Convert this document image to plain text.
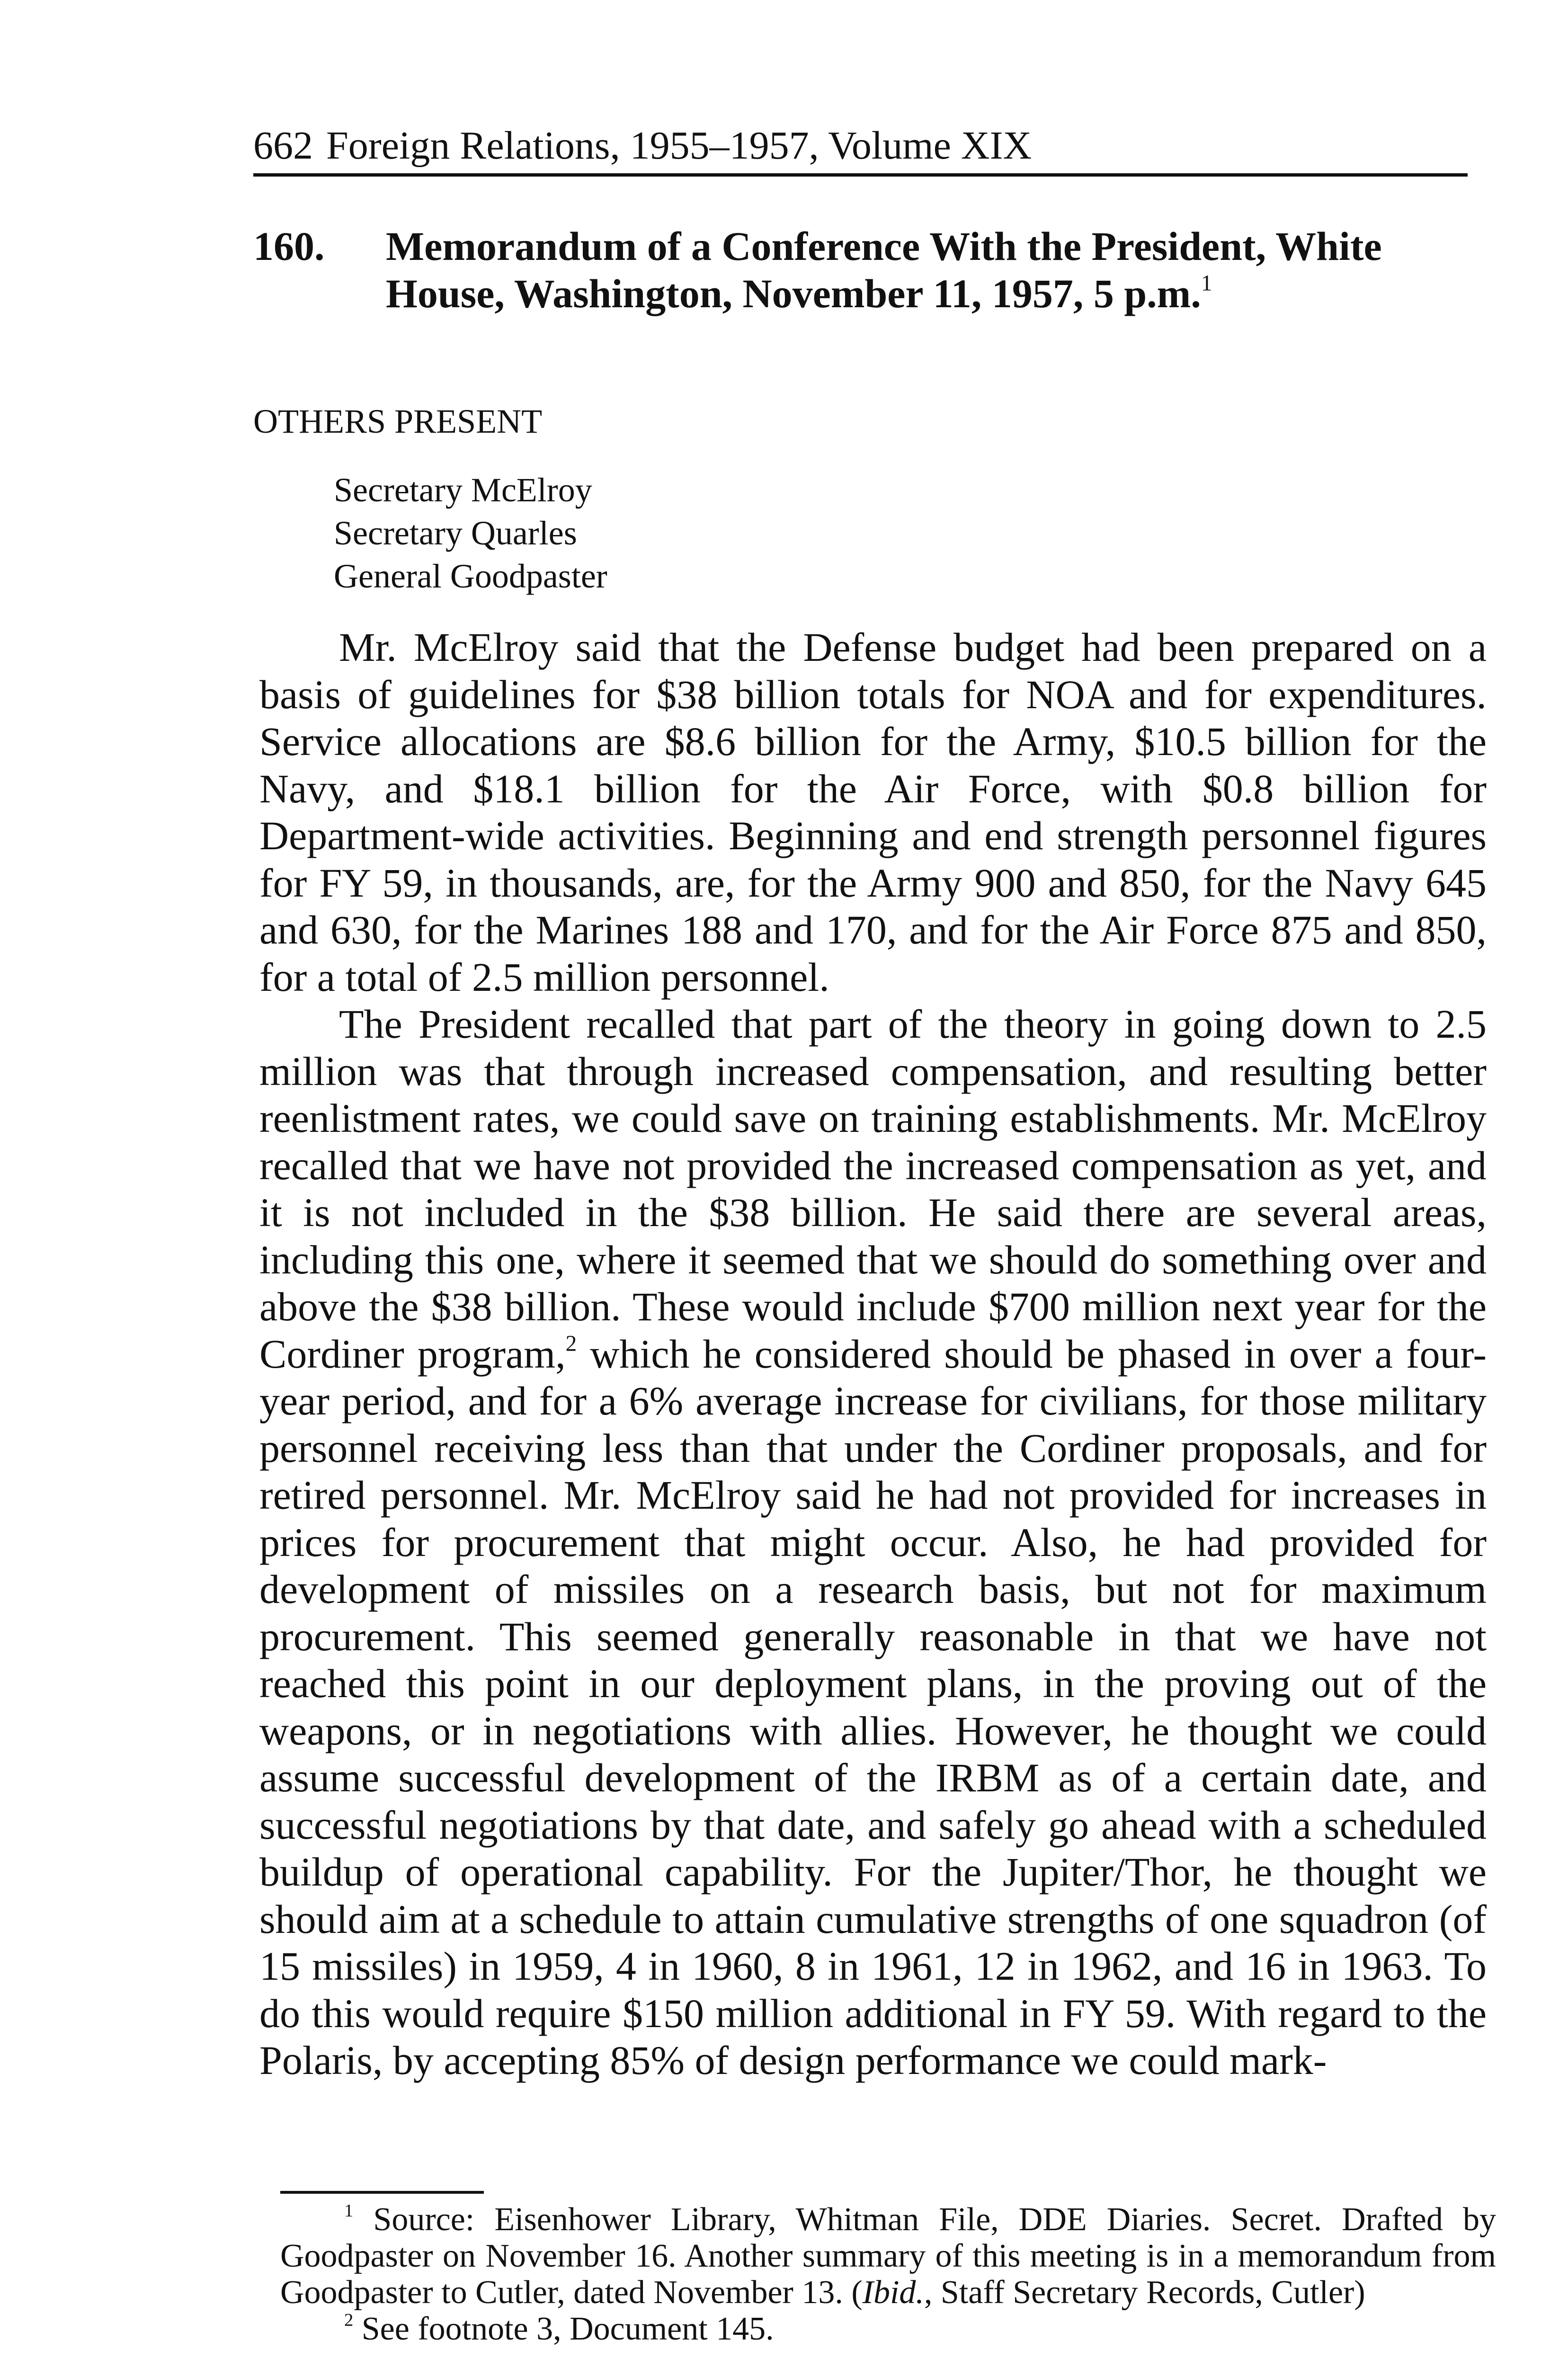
662 Foreign Relations, 1955–1957, Volume XIX
160. Memorandum of a Conference With the President, White House, Washington, November 11, 1957, 5 p.m.$^1$
OTHERS PRESENT
Secretary McElroy
Secretary Quarles
General Goodpaster

Mr. McElroy said that the Defense budget had been prepared on a basis of guidelines for $38 billion totals for NOA and for expenditures. Service allocations are $8.6 billion for the Army, $10.5 billion for the Navy, and $18.1 billion for the Air Force, with $0.8 billion for Department-wide activities. Beginning and end strength personnel figures for FY 59, in thousands, are, for the Army 900 and 850, for the Navy 645 and 630, for the Marines 188 and 170, and for the Air Force 875 and 850, for a total of 2.5 million personnel.

The President recalled that part of the theory in going down to 2.5 million was that through increased compensation, and resulting better reenlistment rates, we could save on training establishments. Mr. McElroy recalled that we have not provided the increased compensation as yet, and it is not included in the $38 billion. He said there are several areas, including this one, where it seemed that we should do something over and above the $38 billion. These would include $700 million next year for the Cordiner program,$^2$ which he considered should be phased in over a four-year period, and for a 6% average increase for civilians, for those military personnel receiving less than that under the Cordiner proposals, and for retired personnel. Mr. McElroy said he had not provided for increases in prices for procurement that might occur. Also, he had provided for development of missiles on a research basis, but not for maximum procurement. This seemed generally reasonable in that we have not reached this point in our deployment plans, in the proving out of the weapons, or in negotiations with allies. However, he thought we could assume successful development of the IRBM as of a certain date, and successful negotiations by that date, and safely go ahead with a scheduled buildup of operational capability. For the Jupiter/Thor, he thought we should aim at a schedule to attain cumulative strengths of one squadron (of 15 missiles) in 1959, 4 in 1960, 8 in 1961, 12 in 1962, and 16 in 1963. To do this would require $150 million additional in FY 59. With regard to the Polaris, by accepting 85% of design performance we could mark-

$^1$ Source: Eisenhower Library, Whitman File, DDE Diaries. Secret. Drafted by Goodpaster on November 16. Another summary of this meeting is in a memorandum from Goodpaster to Cutler, dated November 13. (Ibid., Staff Secretary Records, Cutler)

$^2$ See footnote 3, Document 145.
